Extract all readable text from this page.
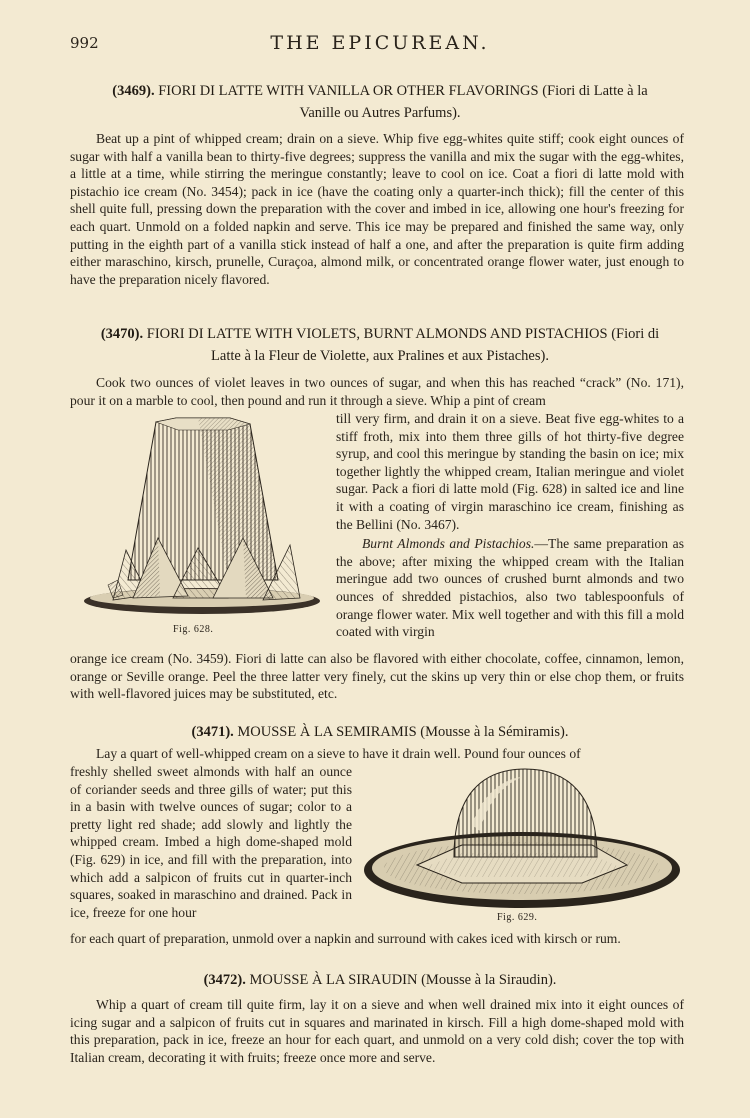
992	THE EPICUREAN.
(3469). FIORI DI LATTE WITH VANILLA OR OTHER FLAVORINGS (Fiori di Latte à la
Vanille ou Autres Parfums).

Beat up a pint of whipped cream; drain on a sieve. Whip five egg-whites quite stiff; cook eight ounces of sugar with half a vanilla bean to thirty-five degrees; suppress the vanilla and mix the sugar with the egg-whites, a little at a time, while stirring the meringue constantly; leave to cool on ice. Coat a fiori di latte mold with pistachio ice cream (No. 3454); pack in ice (have the coating only a quarter-inch thick); fill the center of this shell quite full, pressing down the preparation with the cover and imbed in ice, allowing one hour's freezing for each quart. Unmold on a folded napkin and serve. This ice may be prepared and finished the same way, only putting in the eighth part of a vanilla stick instead of half a one, and after the preparation is quite firm adding either maraschino, kirsch, prunelle, Curaçoa, almond milk, or concentrated orange flower water, just enough to have the preparation nicely flavored.

(3470). FIORI DI LATTE WITH VIOLETS, BURNT ALMONDS AND PISTACHIOS (Fiori di
Latte à la Fleur de Violette, aux Pralines et aux Pistaches).

Cook two ounces of violet leaves in two ounces of sugar, and when this has reached “crack” (No. 171), pour it on a marble to cool, then pound and run it through a sieve. Whip a pint of cream

Fig. 628.

till very firm, and drain it on a sieve. Beat five egg-whites to a stiff froth, mix into them three gills of hot thirty-five degree syrup, and cool this meringue by standing the basin on ice; mix together lightly the whipped cream, Italian meringue and violet sugar. Pack a fiori di latte mold (Fig. 628) in salted ice and line it with a coating of virgin maraschino ice cream, finishing as the Bellini (No. 3467).

Burnt Almonds and Pistachios.—The same preparation as the above; after mixing the whipped cream with the Italian meringue add two ounces of crushed burnt almonds and two ounces of shredded pistachios, also two tablespoonfuls of orange flower water. Mix well together and with this fill a mold coated with virgin

orange ice cream (No. 3459). Fiori di latte can also be flavored with either chocolate, coffee, cinnamon, lemon, orange or Seville orange. Peel the three latter very finely, cut the skins up very thin or else chop them, or fruits with well-flavored juices may be substituted, etc.

(3471). MOUSSE À LA SEMIRAMIS (Mousse à la Sémiramis).

Lay a quart of well-whipped cream on a sieve to have it drain well. Pound four ounces of

freshly shelled sweet almonds with half an ounce of coriander seeds and three gills of water; put this in a basin with twelve ounces of sugar; color to a pretty light red shade; add slowly and lightly the whipped cream. Imbed a high dome-shaped mold (Fig. 629) in ice, and fill with the preparation, into which add a salpicon of fruits cut in quarter-inch squares, soaked in maraschino and drained. Pack in ice, freeze for one hour	Fig. 629.

for each quart of preparation, unmold over a napkin and surround with cakes iced with kirsch or rum.

(3472). MOUSSE À LA SIRAUDIN (Mousse à la Siraudin).

Whip a quart of cream till quite firm, lay it on a sieve and when well drained mix into it eight ounces of icing sugar and a salpicon of fruits cut in squares and marinated in kirsch. Fill a high dome-shaped mold with this preparation, pack in ice, freeze an hour for each quart, and unmold on a very cold dish; cover the top with Italian cream, decorating it with fruits; freeze once more and serve.
